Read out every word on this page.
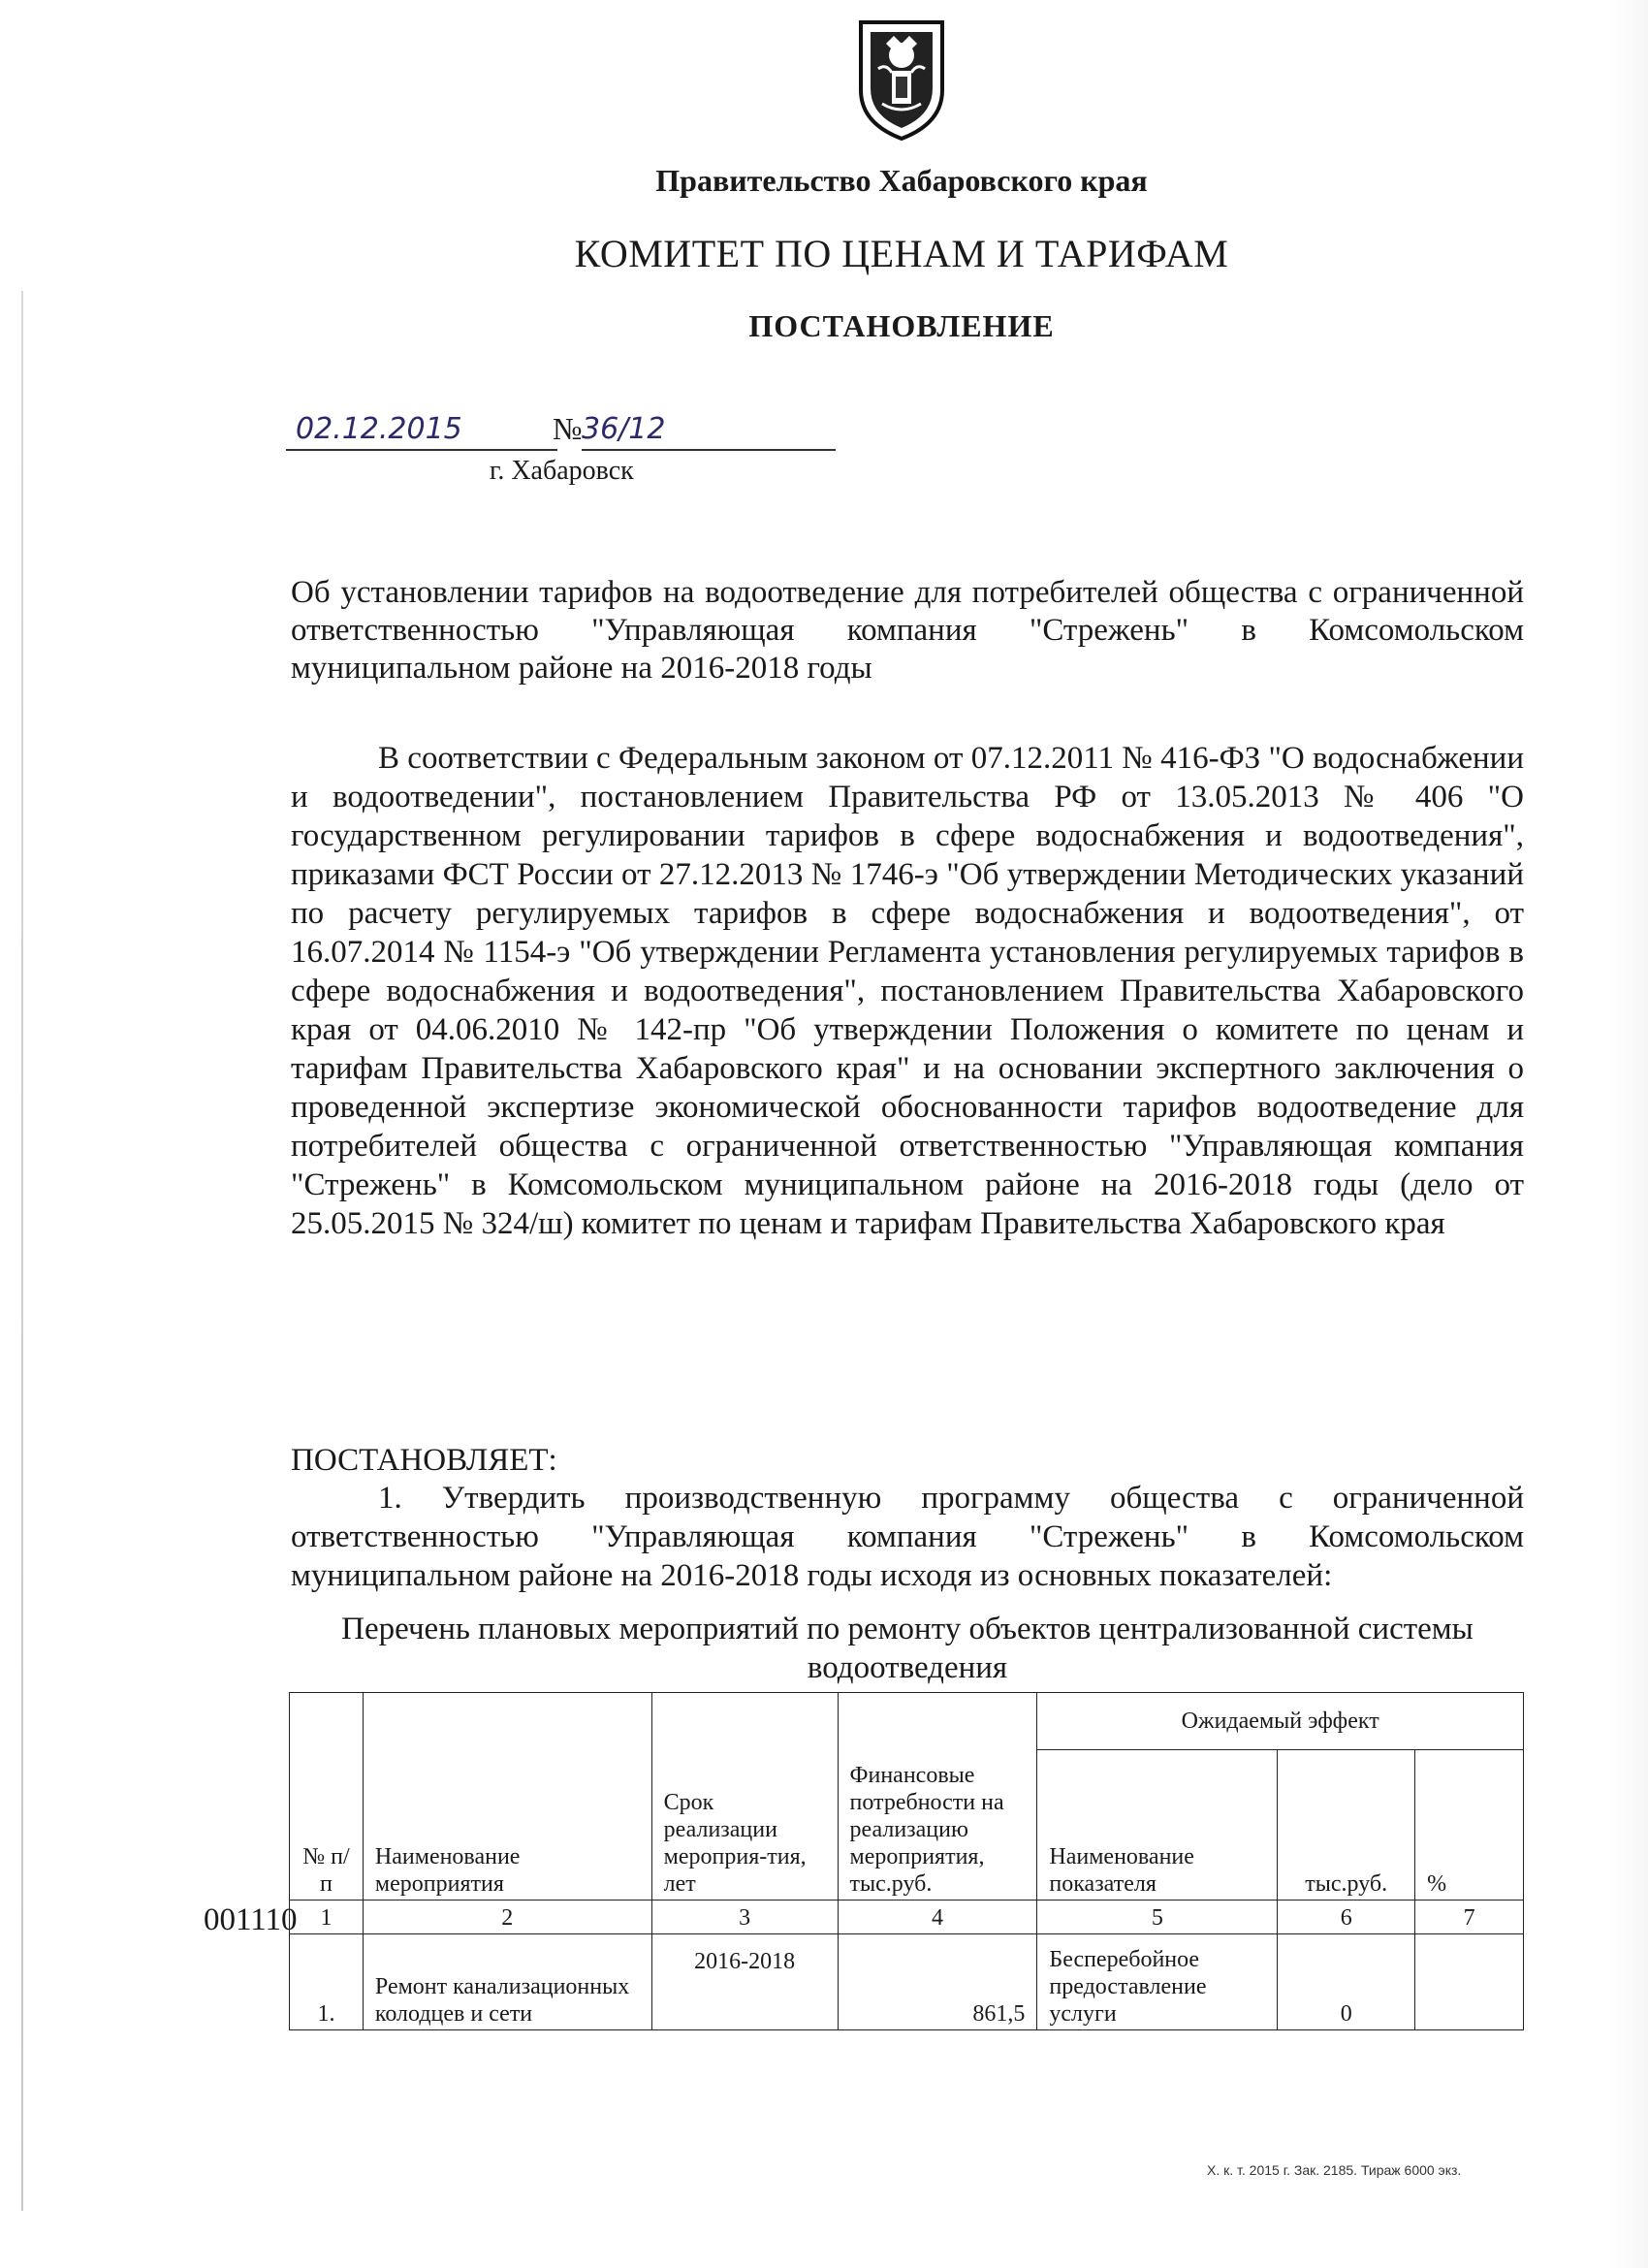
Правительство Хабаровского края
КОМИТЕТ ПО ЦЕНАМ И ТАРИФАМ
ПОСТАНОВЛЕНИЕ
02.12.2015	№ 36/12
г. Хабаровск
Об установлении тарифов на водоотведение для потребителей общества с ограниченной ответственностью "Управляющая компания "Стрежень" в Комсомольском муниципальном районе на 2016-2018 годы
В соответствии с Федеральным законом от 07.12.2011 № 416-ФЗ "О водоснабжении и водоотведении", постановлением Правительства РФ от 13.05.2013 № 406 "О государственном регулировании тарифов в сфере водоснабжения и водоотведения", приказами ФСТ России от 27.12.2013 № 1746-э "Об утверждении Методических указаний по расчету регулируемых тарифов в сфере водоснабжения и водоотведения", от 16.07.2014 № 1154-э "Об утверждении Регламента установления регулируемых тарифов в сфере водоснабжения и водоотведения", постановлением Правительства Хабаровского края от 04.06.2010 № 142-пр "Об утверждении Положения о комитете по ценам и тарифам Правительства Хабаровского края" и на основании экспертного заключения о проведенной экспертизе экономической обоснованности тарифов водоотведение для потребителей общества с ограниченной ответственностью "Управляющая компания "Стрежень" в Комсомольском муниципальном районе на 2016-2018 годы (дело от 25.05.2015 № 324/ш) комитет по ценам и тарифам Правительства Хабаровского края
ПОСТАНОВЛЯЕТ:
1. Утвердить производственную программу общества с ограниченной ответственностью "Управляющая компания "Стрежень" в Комсомольском муниципальном районе на 2016-2018 годы исходя из основных показателей:
Перечень плановых мероприятий по ремонту объектов централизованной системы водоотведения
001110
№ п/п	Наименование мероприятия	Срок реализации мероприя-тия, лет	Финансовые потребности на реализацию мероприятия, тыс.руб.	Ожидаемый эффект		
				Наименование показателя	тыс.руб.	%
1	2	3	4	5	6	7
1.	Ремонт канализационных колодцев и сети	2016-2018	861,5	Бесперебойное предоставление услуги	0	
Х. к. т. 2015 г. Зак. 2185. Тираж 6000 экз.
